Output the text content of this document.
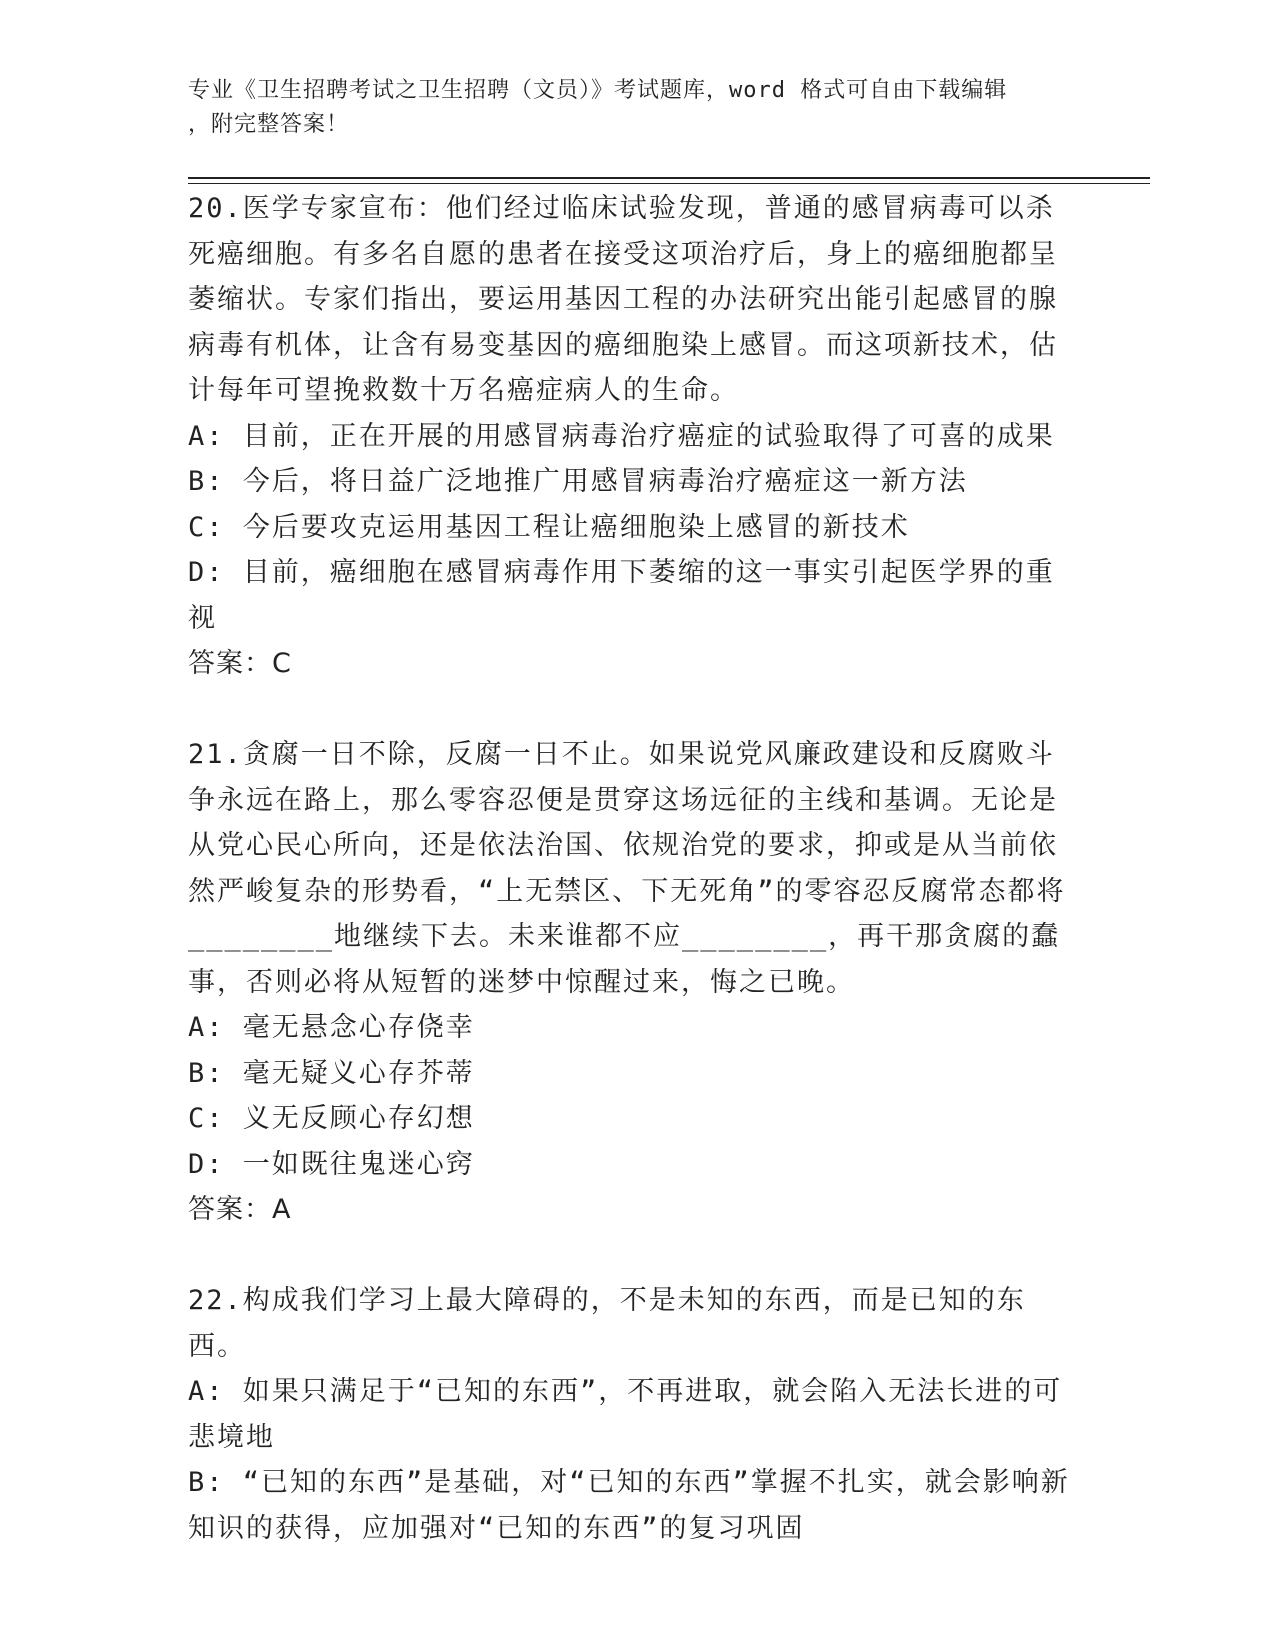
专业《卫生招聘考试之卫生招聘（文员）》考试题库，word 格式可自由下载编辑
，附完整答案！

20.医学专家宣布：他们经过临床试验发现，普通的感冒病毒可以杀死癌细胞。有多名自愿的患者在接受这项治疗后，身上的癌细胞都呈萎缩状。专家们指出，要运用基因工程的办法研究出能引起感冒的腺病毒有机体，让含有易变基因的癌细胞染上感冒。而这项新技术，估计每年可望挽救数十万名癌症病人的生命。

A: 目前，正在开展的用感冒病毒治疗癌症的试验取得了可喜的成果
B: 今后，将日益广泛地推广用感冒病毒治疗癌症这一新方法
C: 今后要攻克运用基因工程让癌细胞染上感冒的新技术
D: 目前，癌细胞在感冒病毒作用下萎缩的这一事实引起医学界的重视
答案：C

21.贪腐一日不除，反腐一日不止。如果说党风廉政建设和反腐败斗争永远在路上，那么零容忍便是贯穿这场远征的主线和基调。无论是从党心民心所向，还是依法治国、依规治党的要求，抑或是从当前依然严峻复杂的形势看，“上无禁区、下无死角”的零容忍反腐常态都将________地继续下去。未来谁都不应________，再干那贪腐的蠢事，否则必将从短暂的迷梦中惊醒过来，悔之已晚。

A: 毫无悬念心存侥幸
B: 毫无疑义心存芥蒂
C: 义无反顾心存幻想
D: 一如既往鬼迷心窍
答案：A

22.构成我们学习上最大障碍的，不是未知的东西，而是已知的东西。

A: 如果只满足于“已知的东西”，不再进取，就会陷入无法长进的可悲境地
B: “已知的东西”是基础，对“已知的东西”掌握不扎实，就会影响新知识的获得，应加强对“已知的东西”的复习巩固
